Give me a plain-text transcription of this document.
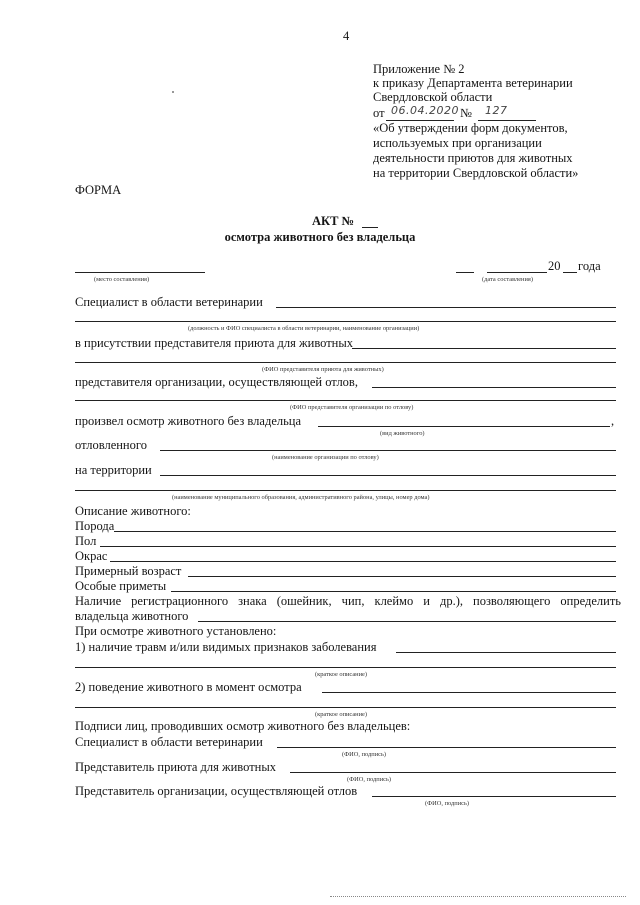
4
Приложение № 2
к приказу Департамента ветеринарии
Свердловской области
от 06.04.2020 № 127
«Об утверждении форм документов,
используемых при организации
деятельности приютов для животных
на территории Свердловской области»
ФОРМА
АКТ №
осмотра животного без владельца
(место составления)
20 года
(дата составления)
Специалист в области ветеринарии
(должность и ФИО специалиста в области ветеринарии, наименование организации)
в присутствии представителя приюта для животных
(ФИО представителя приюта для животных)
представителя организации, осуществляющей отлов,
(ФИО представителя организации по отлову)
произвел осмотр животного без владельца	,
(вид животного)
отловленного
(наименование организации по отлову)
на территории
(наименование муниципального образования, административного района, улицы, номер дома)
Описание животного:
Порода
Пол
Окрас
Примерный возраст
Особые приметы
Наличие регистрационного знака (ошейник, чип, клеймо и др.), позволяющего определить
владельца животного
При осмотре животного установлено:
1) наличие травм и/или видимых признаков заболевания
(краткое описание)
2) поведение животного в момент осмотра
(краткое описание)
Подписи лиц, проводивших осмотр животного без владельцев:
Специалист в области ветеринарии
(ФИО, подпись)
Представитель приюта для животных
(ФИО, подпись)
Представитель организации, осуществляющей отлов
(ФИО, подпись)
